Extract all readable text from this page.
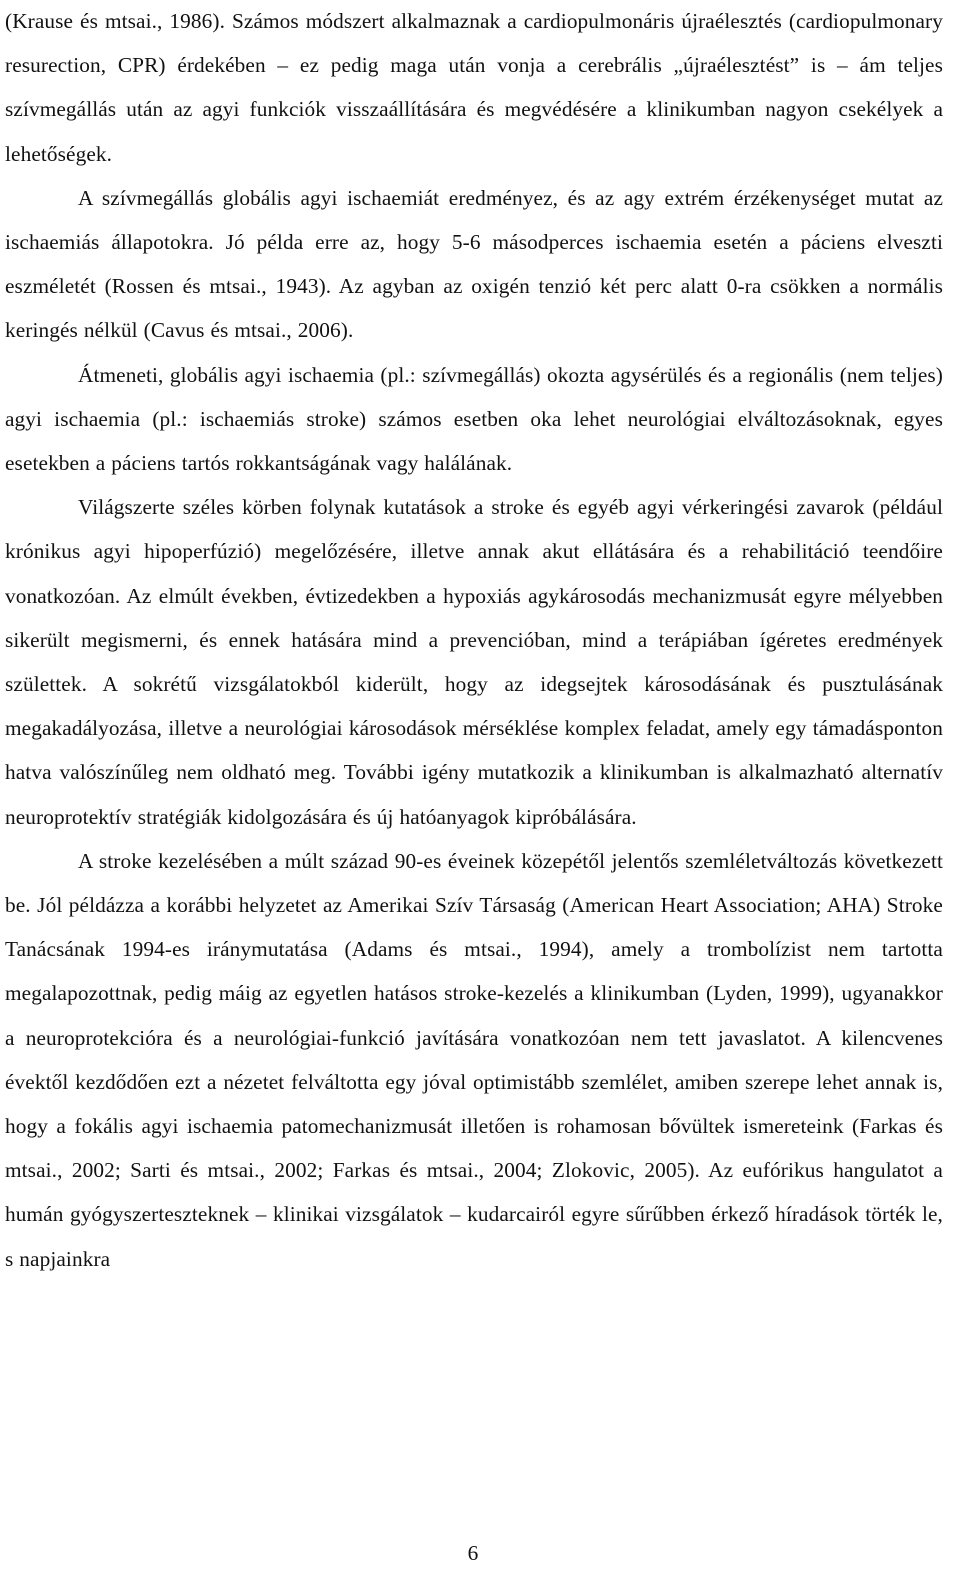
(Krause és mtsai., 1986). Számos módszert alkalmaznak a cardiopulmonáris újraélesztés (cardiopulmonary resurection, CPR) érdekében – ez pedig maga után vonja a cerebrális „újraélesztést” is – ám teljes szívmegállás után az agyi funkciók visszaállítására és megvédésére a klinikumban nagyon csekélyek a lehetőségek.

A szívmegállás globális agyi ischaemiát eredményez, és az agy extrém érzékenységet mutat az ischaemiás állapotokra. Jó példa erre az, hogy 5-6 másodperces ischaemia esetén a páciens elveszti eszméletét (Rossen és mtsai., 1943). Az agyban az oxigén tenzió két perc alatt 0-ra csökken a normális keringés nélkül (Cavus és mtsai., 2006).

Átmeneti, globális agyi ischaemia (pl.: szívmegállás) okozta agysérülés és a regionális (nem teljes) agyi ischaemia (pl.: ischaemiás stroke) számos esetben oka lehet neurológiai elváltozásoknak, egyes esetekben a páciens tartós rokkantságának vagy halálának.

Világszerte széles körben folynak kutatások a stroke és egyéb agyi vérkeringési zavarok (például krónikus agyi hipoperfúzió) megelőzésére, illetve annak akut ellátására és a rehabilitáció teendőire vonatkozóan. Az elmúlt években, évtizedekben a hypoxiás agykárosodás mechanizmusát egyre mélyebben sikerült megismerni, és ennek hatására mind a prevencióban, mind a terápiában ígéretes eredmények születtek. A sokrétű vizsgálatokból kiderült, hogy az idegsejtek károsodásának és pusztulásának megakadályozása, illetve a neurológiai károsodások mérséklése komplex feladat, amely egy támadásponton hatva valószínűleg nem oldható meg. További igény mutatkozik a klinikumban is alkalmazható alternatív neuroprotektív stratégiák kidolgozására és új hatóanyagok kipróbálására.

A stroke kezelésében a múlt század 90-es éveinek közepétől jelentős szemléletváltozás következett be. Jól példázza a korábbi helyzetet az Amerikai Szív Társaság (American Heart Association; AHA) Stroke Tanácsának 1994-es iránymutatása (Adams és mtsai., 1994), amely a trombolízist nem tartotta megalapozottnak, pedig máig az egyetlen hatásos stroke-kezelés a klinikumban (Lyden, 1999), ugyanakkor a neuroprotekcióra és a neurológiai-funkció javítására vonatkozóan nem tett javaslatot. A kilencvenes évektől kezdődően ezt a nézetet felváltotta egy jóval optimistább szemlélet, amiben szerepe lehet annak is, hogy a fokális agyi ischaemia patomechanizmusát illetően is rohamosan bővültek ismereteink (Farkas és mtsai., 2002; Sarti és mtsai., 2002; Farkas és mtsai., 2004; Zlokovic, 2005). Az eufórikus hangulatot a humán gyógyszerteszteknek – klinikai vizsgálatok – kudarcairól egyre sűrűbben érkező híradások törték le, s napjainkra

6
